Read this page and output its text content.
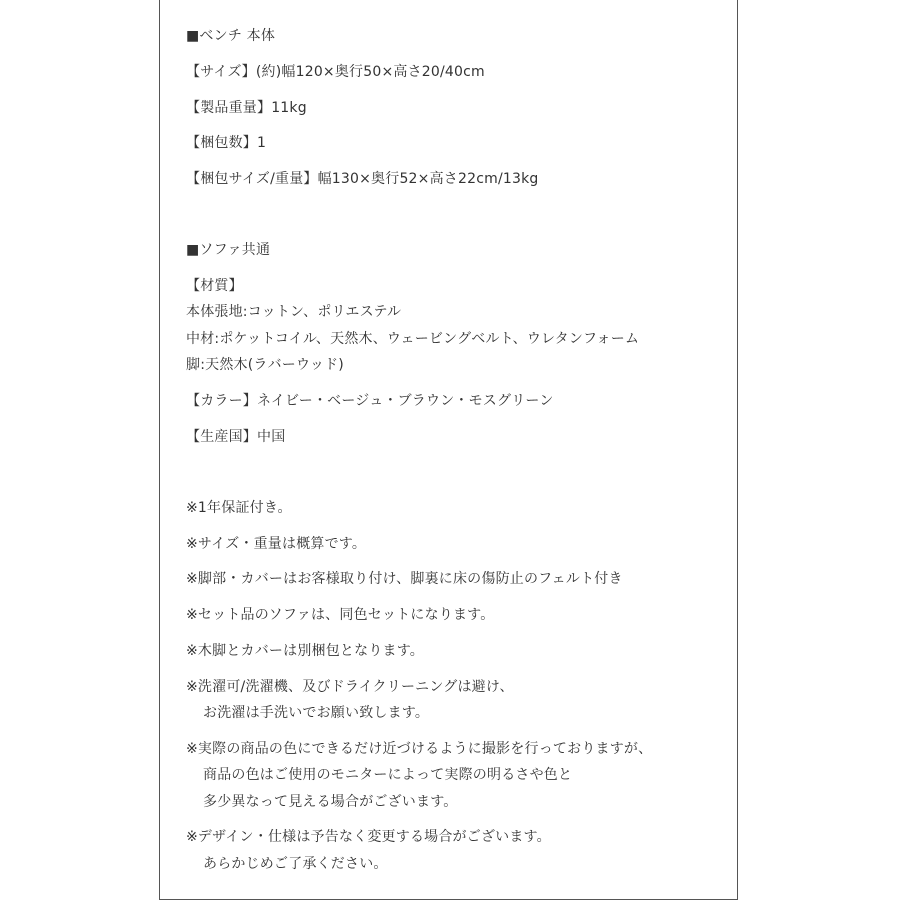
■ベンチ 本体
【サイズ】(約)幅120×奥行50×高さ20/40cm
【製品重量】11kg
【梱包数】1
【梱包サイズ/重量】幅130×奥行52×高さ22cm/13kg
■ソファ共通
【材質】
本体張地:コットン、ポリエステル
中材:ポケットコイル、天然木、ウェービングベルト、ウレタンフォーム
脚:天然木(ラバーウッド)
【カラー】ネイビー・ベージュ・ブラウン・モスグリーン
【生産国】中国
※1年保証付き。
※サイズ・重量は概算です。
※脚部・カバーはお客様取り付け、脚裏に床の傷防止のフェルト付き
※セット品のソファは、同色セットになります。
※木脚とカバーは別梱包となります。
※洗濯可/洗濯機、及びドライクリーニングは避け、
お洗濯は手洗いでお願い致します。
※実際の商品の色にできるだけ近づけるように撮影を行っておりますが、
商品の色はご使用のモニターによって実際の明るさや色と
多少異なって見える場合がございます。
※デザイン・仕様は予告なく変更する場合がございます。
あらかじめご了承ください。
